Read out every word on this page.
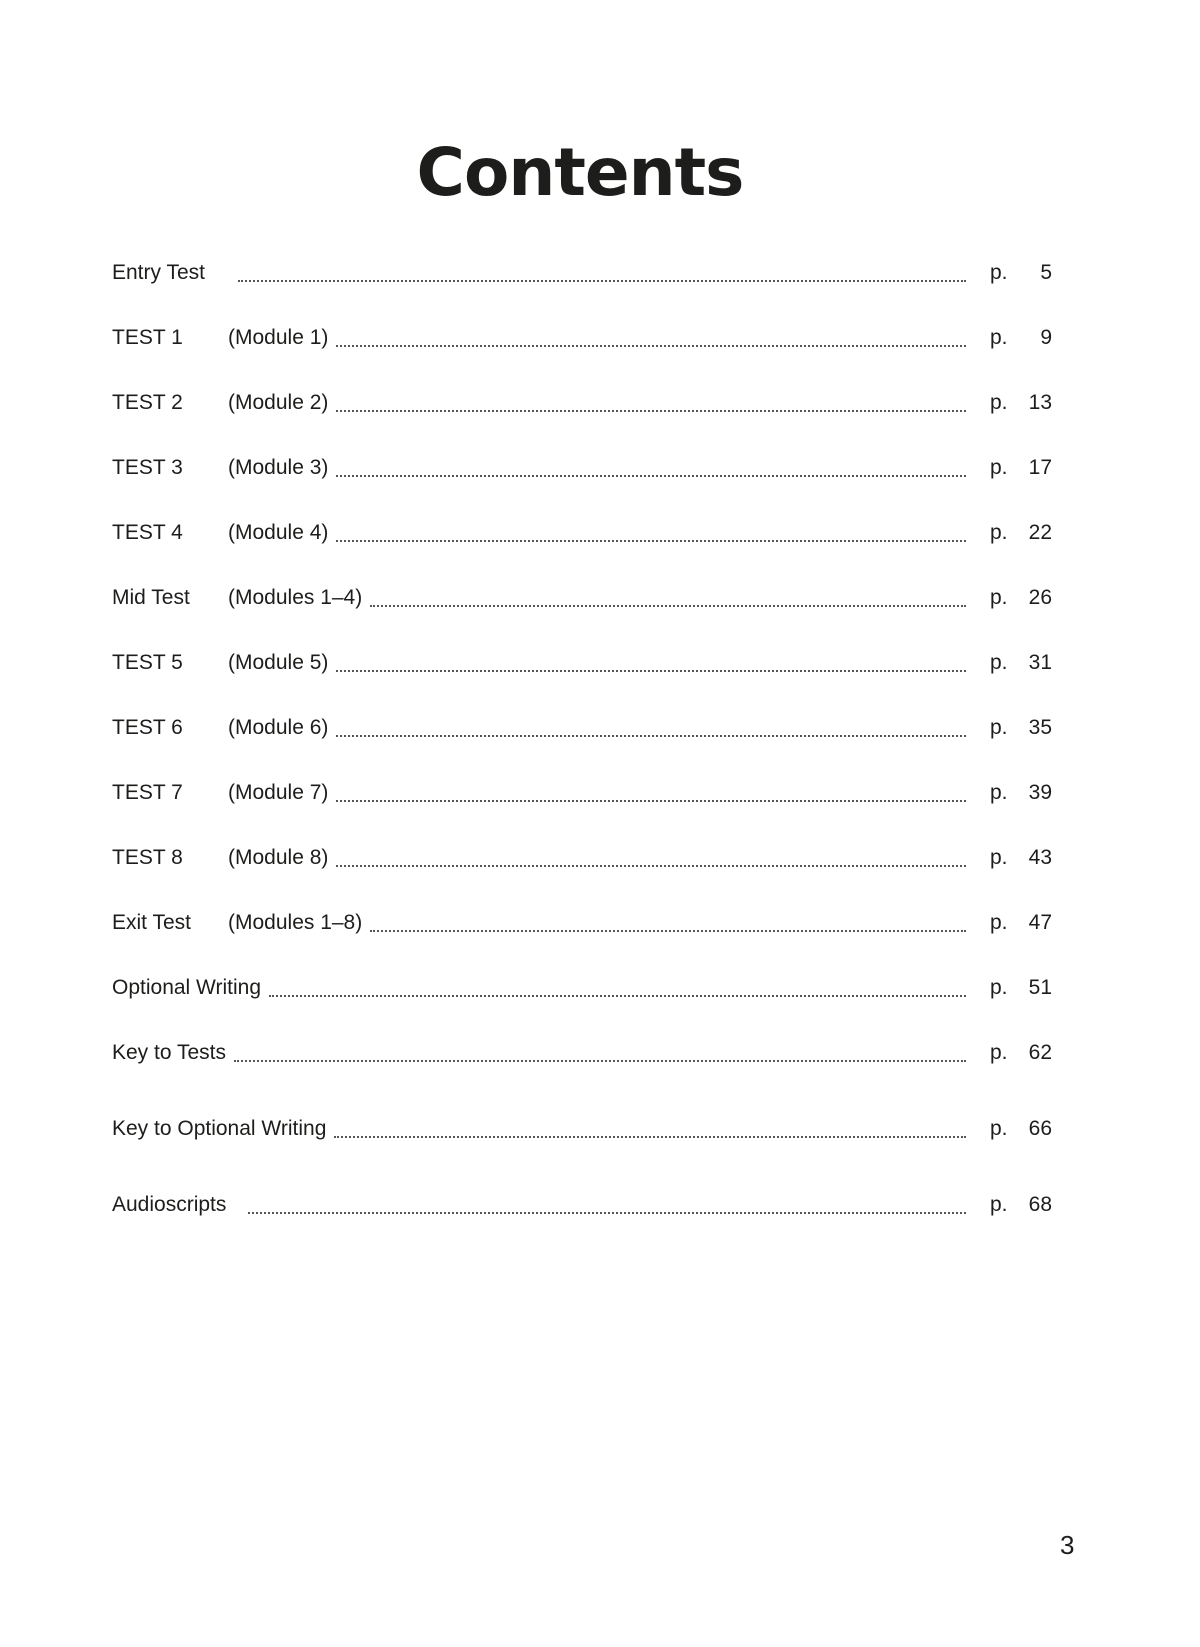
Contents
Entry Test	p.	5
TEST 1	(Module 1)	p.	9
TEST 2	(Module 2)	p.	13
TEST 3	(Module 3)	p.	17
TEST 4	(Module 4)	p.	22
Mid Test	(Modules 1–4)	p.	26
TEST 5	(Module 5)	p.	31
TEST 6	(Module 6)	p.	35
TEST 7	(Module 7)	p.	39
TEST 8	(Module 8)	p.	43
Exit Test	(Modules 1–8)	p.	47
Optional Writing	p.	51
Key to Tests	p.	62
Key to Optional Writing	p.	66
Audioscripts	p.	68

3
